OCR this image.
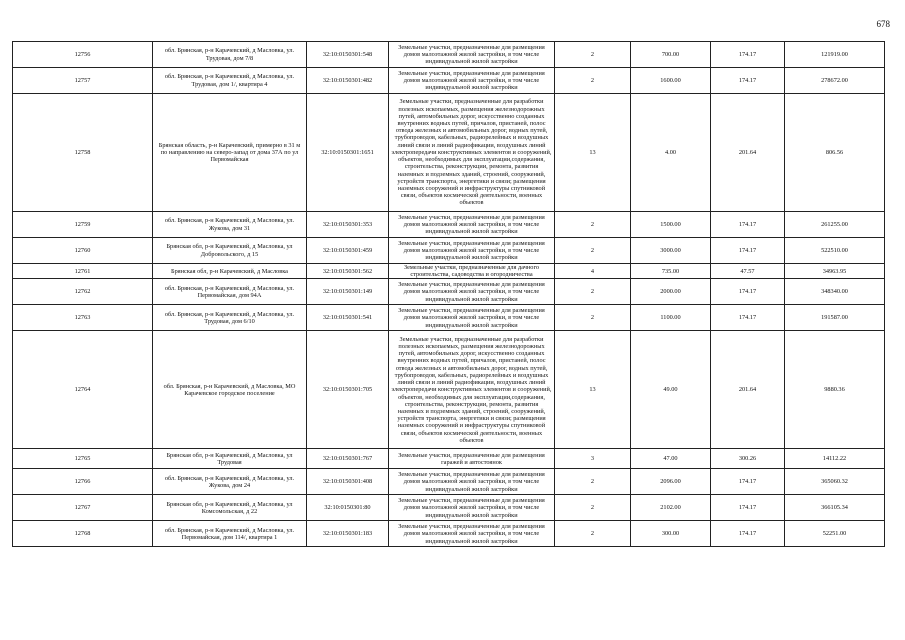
678
12756	обл. Брянская, р-н Карачевский, д Масловка, ул. Трудовая, дом 7/8	32:10:0150301:548	Земельные участки, предназначенные для размещения домов малоэтажной жилой застройки, в том числе индивидуальной жилой застройки	2	700.00	174.17	121919.00
12757	обл. Брянская, р-н Карачевский, д Масловка, ул. Трудовая, дом 1/, квартира 4	32:10:0150301:482	Земельные участки, предназначенные для размещения домов малоэтажной жилой застройки, в том числе индивидуальной жилой застройки	2	1600.00	174.17	278672.00
12758	Брянская область, р-н Карачевский, примерно в 31 м по направлению на северо-запад от дома 37А по ул Первомайская	32:10:0150301:1651	Земельные участки, предназначенные для разработки полезных ископаемых, размещения железнодорожных путей, автомобильных дорог, искусственно созданных внутренних водных путей, причалов, пристаней, полос отвода железных и автомобильных дорог, водных путей, трубопроводов, кабельных, радиорелейных и воздушных линий связи и линий радиофикации, воздушных линий электропередачи конструктивных элементов и сооружений, объектов, необходимых для эксплуатации,содержания, строительства, реконструкции, ремонта, развития наземных и подземных зданий, строений, сооружений, устройств транспорта, энергетики и связи; размещения наземных сооружений и инфраструктуры спутниковой связи, объектов космической деятельности, военных объектов	13	4.00	201.64	806.56
12759	обл. Брянская, р-н Карачевский, д Масловка, ул. Жукова, дом 31	32:10:0150301:353	Земельные участки, предназначенные для размещения домов малоэтажной жилой застройки, в том числе индивидуальной жилой застройки	2	1500.00	174.17	261255.00
12760	Брянская обл, р-н Карачевский, д Масловка, ул Добровольского, д 15	32:10:0150301:459	Земельные участки, предназначенные для размещения домов малоэтажной жилой застройки, в том числе индивидуальной жилой застройки	2	3000.00	174.17	522510.00
12761	Брянская обл, р-н Карачевский, д Масловка	32:10:0150301:562	Земельные участки, предназначенные для дачного строительства, садоводства и огородничества	4	735.00	47.57	34963.95
12762	обл. Брянская, р-н Карачевский, д Масловка, ул. Первомайская, дом 94А	32:10:0150301:149	Земельные участки, предназначенные для размещения домов малоэтажной жилой застройки, в том числе индивидуальной жилой застройки	2	2000.00	174.17	348340.00
12763	обл. Брянская, р-н Карачевский, д Масловка, ул. Трудовая, дом 6/10	32:10:0150301:541	Земельные участки, предназначенные для размещения домов малоэтажной жилой застройки, в том числе индивидуальной жилой застройки	2	1100.00	174.17	191587.00
12764	обл. Брянская, р-н Карачевский, д Масловка, МО Карачевское городское поселение	32:10:0150301:705	Земельные участки, предназначенные для разработки полезных ископаемых, размещения железнодорожных путей, автомобильных дорог, искусственно созданных внутренних водных путей, причалов, пристаней, полос отвода железных и автомобильных дорог, водных путей, трубопроводов, кабельных, радиорелейных и воздушных линий связи и линий радиофикации, воздушных линий электропередачи конструктивных элементов и сооружений, объектов, необходимых для эксплуатации,содержания, строительства, реконструкции, ремонта, развития наземных и подземных зданий, строений, сооружений, устройств транспорта, энергетики и связи; размещения наземных сооружений и инфраструктуры спутниковой связи, объектов космической деятельности, военных объектов	13	49.00	201.64	9880.36
12765	Брянская обл, р-н Карачевский, д Масловка, ул Трудовая	32:10:0150301:767	Земельные участки, предназначенные для размещения гаражей и автостоянок	3	47.00	300.26	14112.22
12766	обл. Брянская, р-н Карачевский, д Масловка, ул. Жукова, дом 24	32:10:0150301:408	Земельные участки, предназначенные для размещения домов малоэтажной жилой застройки, в том числе индивидуальной жилой застройки	2	2096.00	174.17	365060.32
12767	Брянская обл, р-н Карачевский, д Масловка, ул Комсомольская, д 22	32:10:0150301:80	Земельные участки, предназначенные для размещения домов малоэтажной жилой застройки, в том числе индивидуальной жилой застройки	2	2102.00	174.17	366105.34
12768	обл. Брянская, р-н Карачевский, д Масловка, ул. Первомайская, дом 114/, квартира 1	32:10:0150301:183	Земельные участки, предназначенные для размещения домов малоэтажной жилой застройки, в том числе индивидуальной жилой застройки	2	300.00	174.17	52251.00
